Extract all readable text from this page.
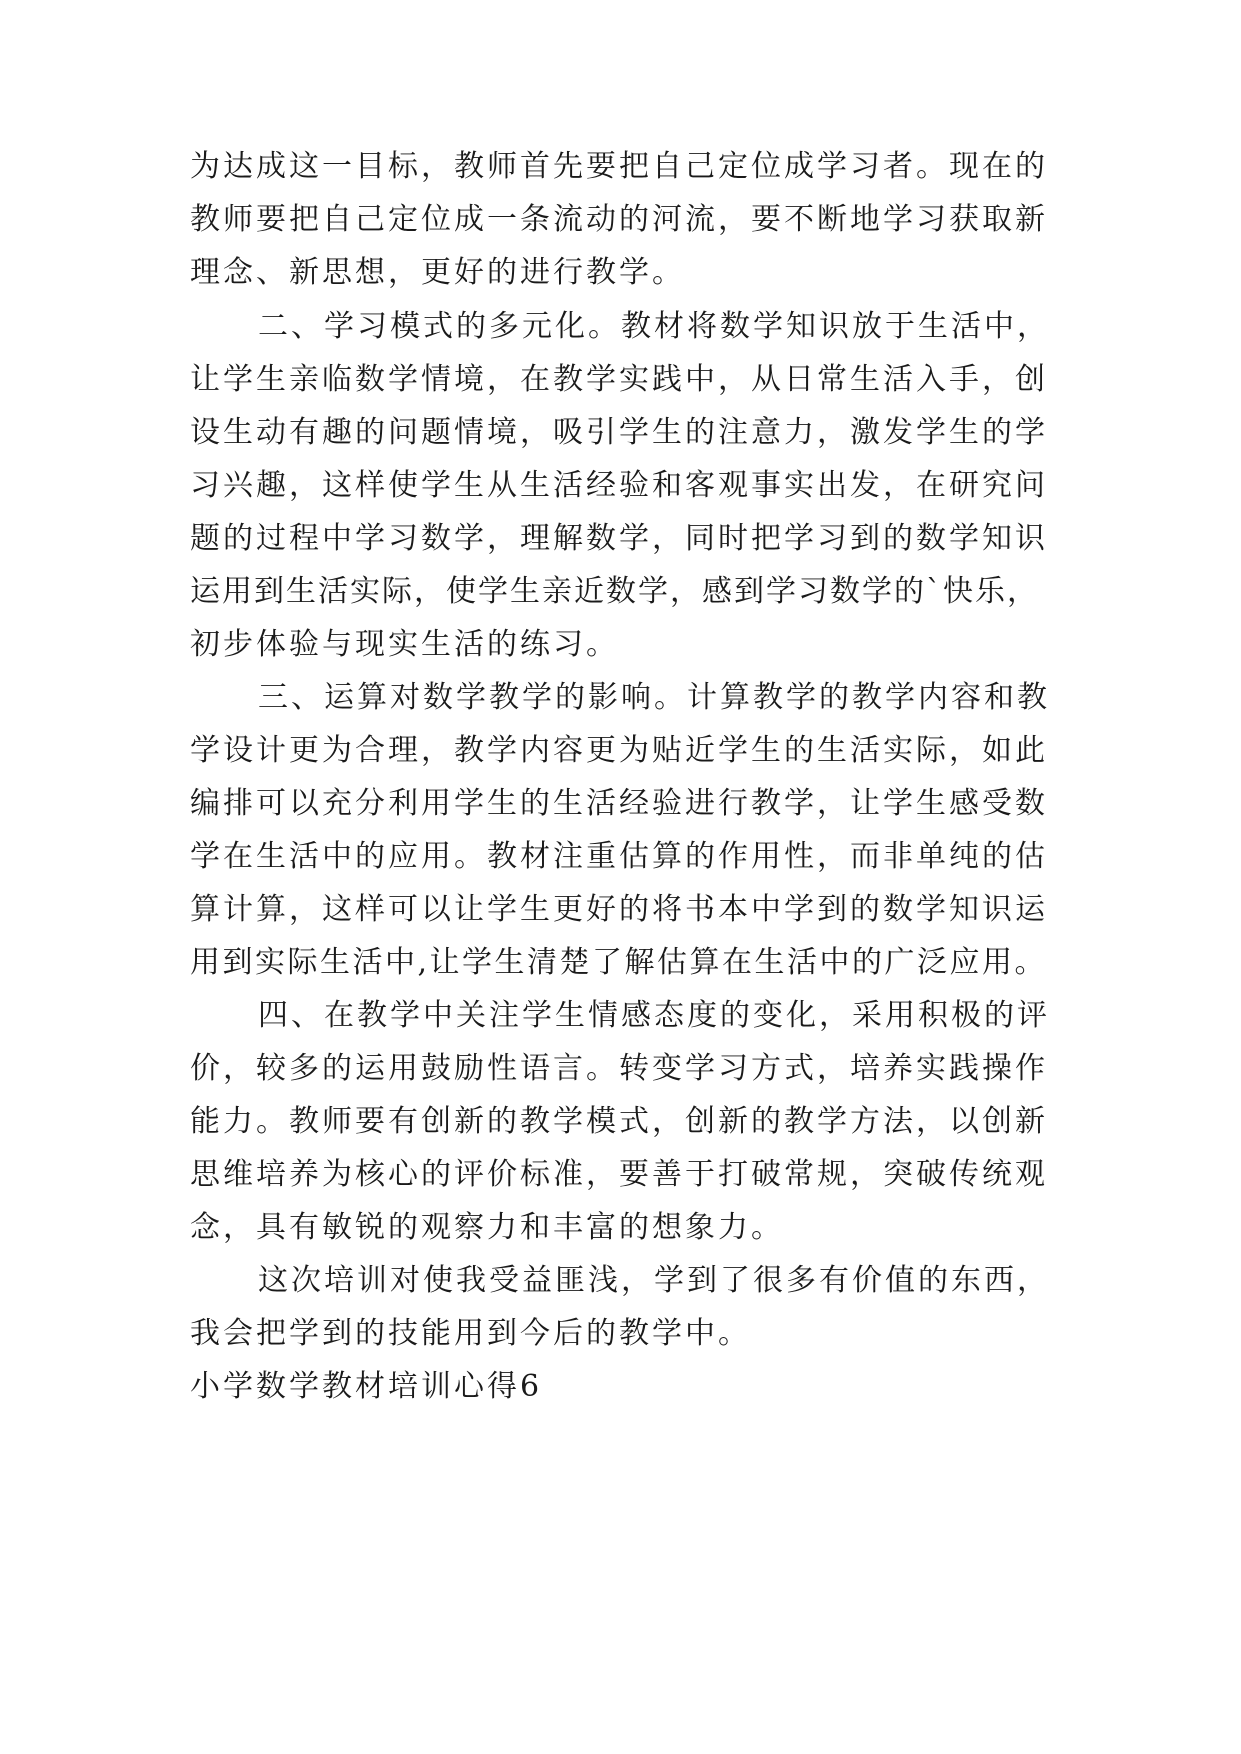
为达成这一目标，教师首先要把自己定位成学习者。现在的
教师要把自己定位成一条流动的河流，要不断地学习获取新
理念、新思想，更好的进行教学。
二、学习模式的多元化。教材将数学知识放于生活中，
让学生亲临数学情境，在教学实践中，从日常生活入手，创
设生动有趣的问题情境，吸引学生的注意力，激发学生的学
习兴趣，这样使学生从生活经验和客观事实出发，在研究问
题的过程中学习数学，理解数学，同时把学习到的数学知识
运用到生活实际，使学生亲近数学，感到学习数学的`快乐，
初步体验与现实生活的练习。
三、运算对数学教学的影响。计算教学的教学内容和教
学设计更为合理，教学内容更为贴近学生的生活实际，如此
编排可以充分利用学生的生活经验进行教学，让学生感受数
学在生活中的应用。教材注重估算的作用性，而非单纯的估
算计算，这样可以让学生更好的将书本中学到的数学知识运
用到实际生活中,让学生清楚了解估算在生活中的广泛应用。
四、在教学中关注学生情感态度的变化，采用积极的评
价，较多的运用鼓励性语言。转变学习方式，培养实践操作
能力。教师要有创新的教学模式，创新的教学方法，以创新
思维培养为核心的评价标准，要善于打破常规，突破传统观
念，具有敏锐的观察力和丰富的想象力。
这次培训对使我受益匪浅，学到了很多有价值的东西，
我会把学到的技能用到今后的教学中。
小学数学教材培训心得6
